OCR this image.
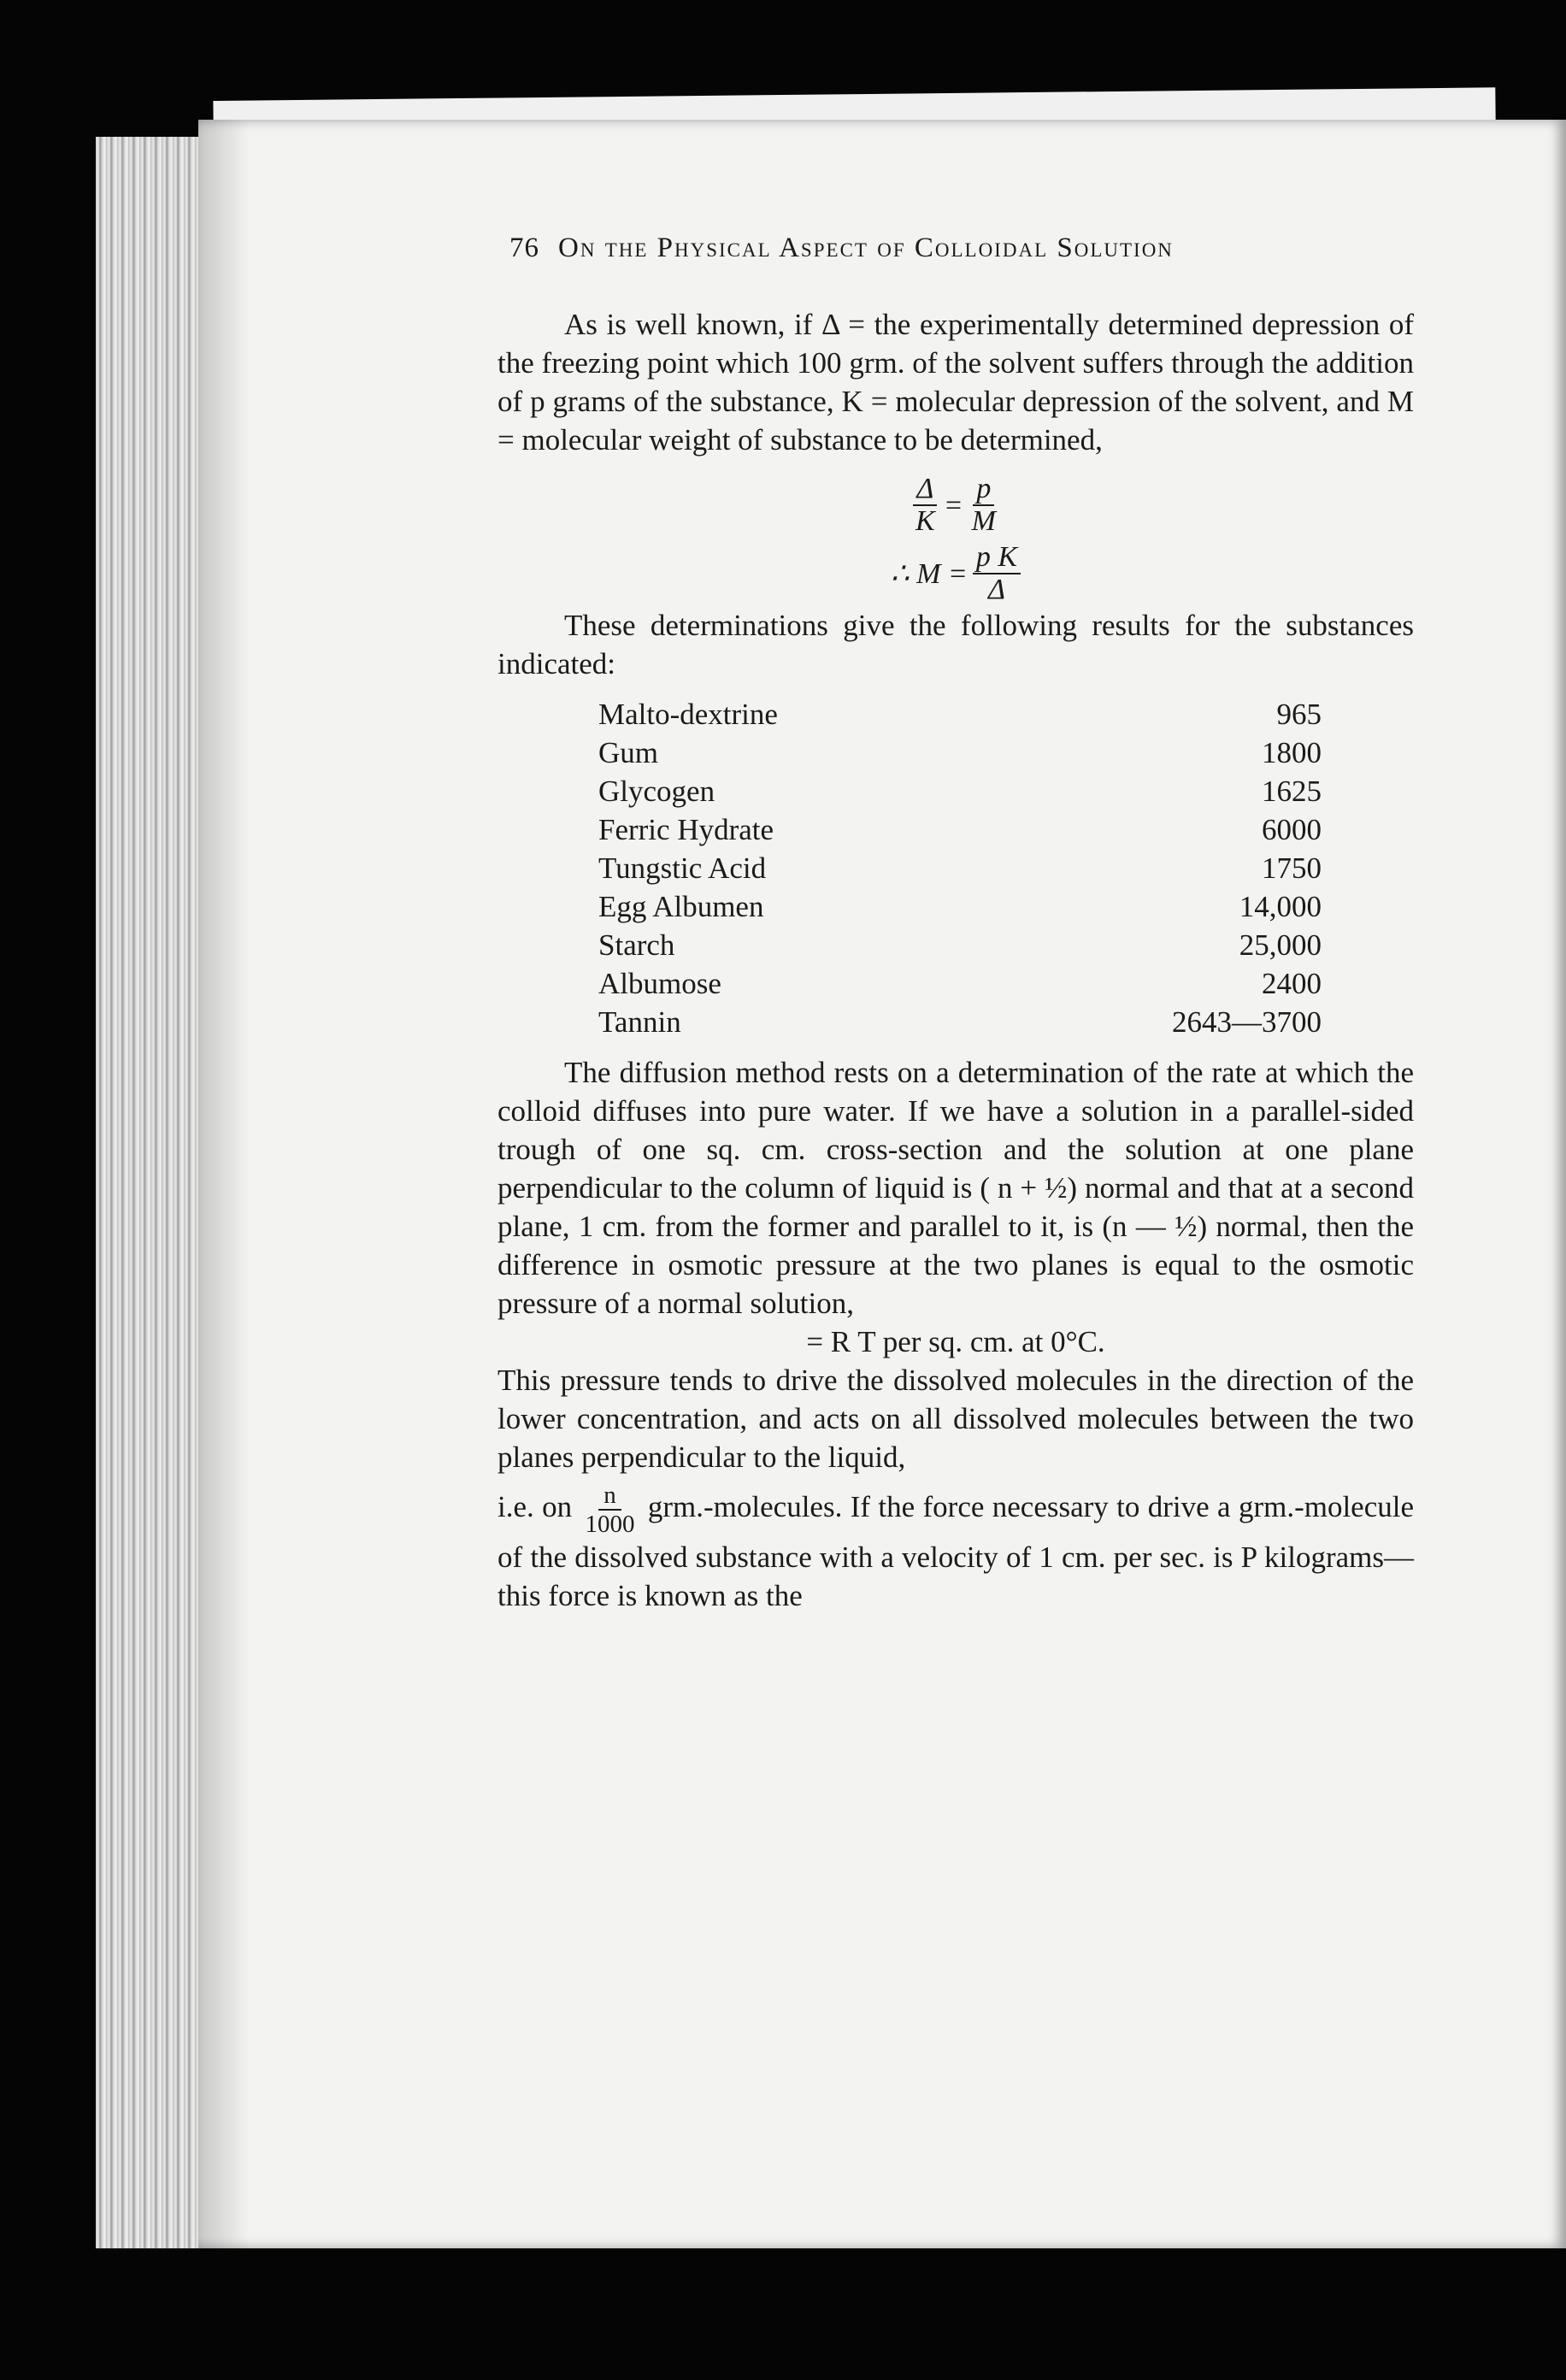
76 On the Physical Aspect of Colloidal Solution

As is well known, if Δ = the experimentally determined depression of the freezing point which 100 grm. of the solvent suffers through the addition of p grams of the substance, K = molecular depression of the solvent, and M = molecular weight of substance to be determined,

$\frac{\Delta}{K} = \frac{p}{M}$
∴ $M = \frac{\text{p K}}{\Delta}$

These determinations give the following results for the substances indicated:

Malto-dextrine		965
Gum		1800
Glycogen		1625
Ferric Hydrate		6000
Tungstic Acid		1750
Egg Albumen		14,000
Starch		25,000
Albumose		2400
Tannin		2643—3700

The diffusion method rests on a determination of the rate at which the colloid diffuses into pure water. If we have a solution in a parallel-sided trough of one sq. cm. cross-section and the solution at one plane perpendicular to the column of liquid is ( n + ½) normal and that at a second plane, 1 cm. from the former and parallel to it, is (n — ½) normal, then the difference in osmotic pressure at the two planes is equal to the osmotic pressure of a normal solution,

= R T per sq. cm. at 0°C.

This pressure tends to drive the dissolved molecules in the direction of the lower concentration, and acts on all dissolved molecules between the two planes perpendicular to the liquid,

i.e. on $\frac{n}{1000}$ grm.-molecules. If the force necessary to drive a grm.-molecule of the dissolved substance with a velocity of 1 cm. per sec. is P kilograms—this force is known as the
